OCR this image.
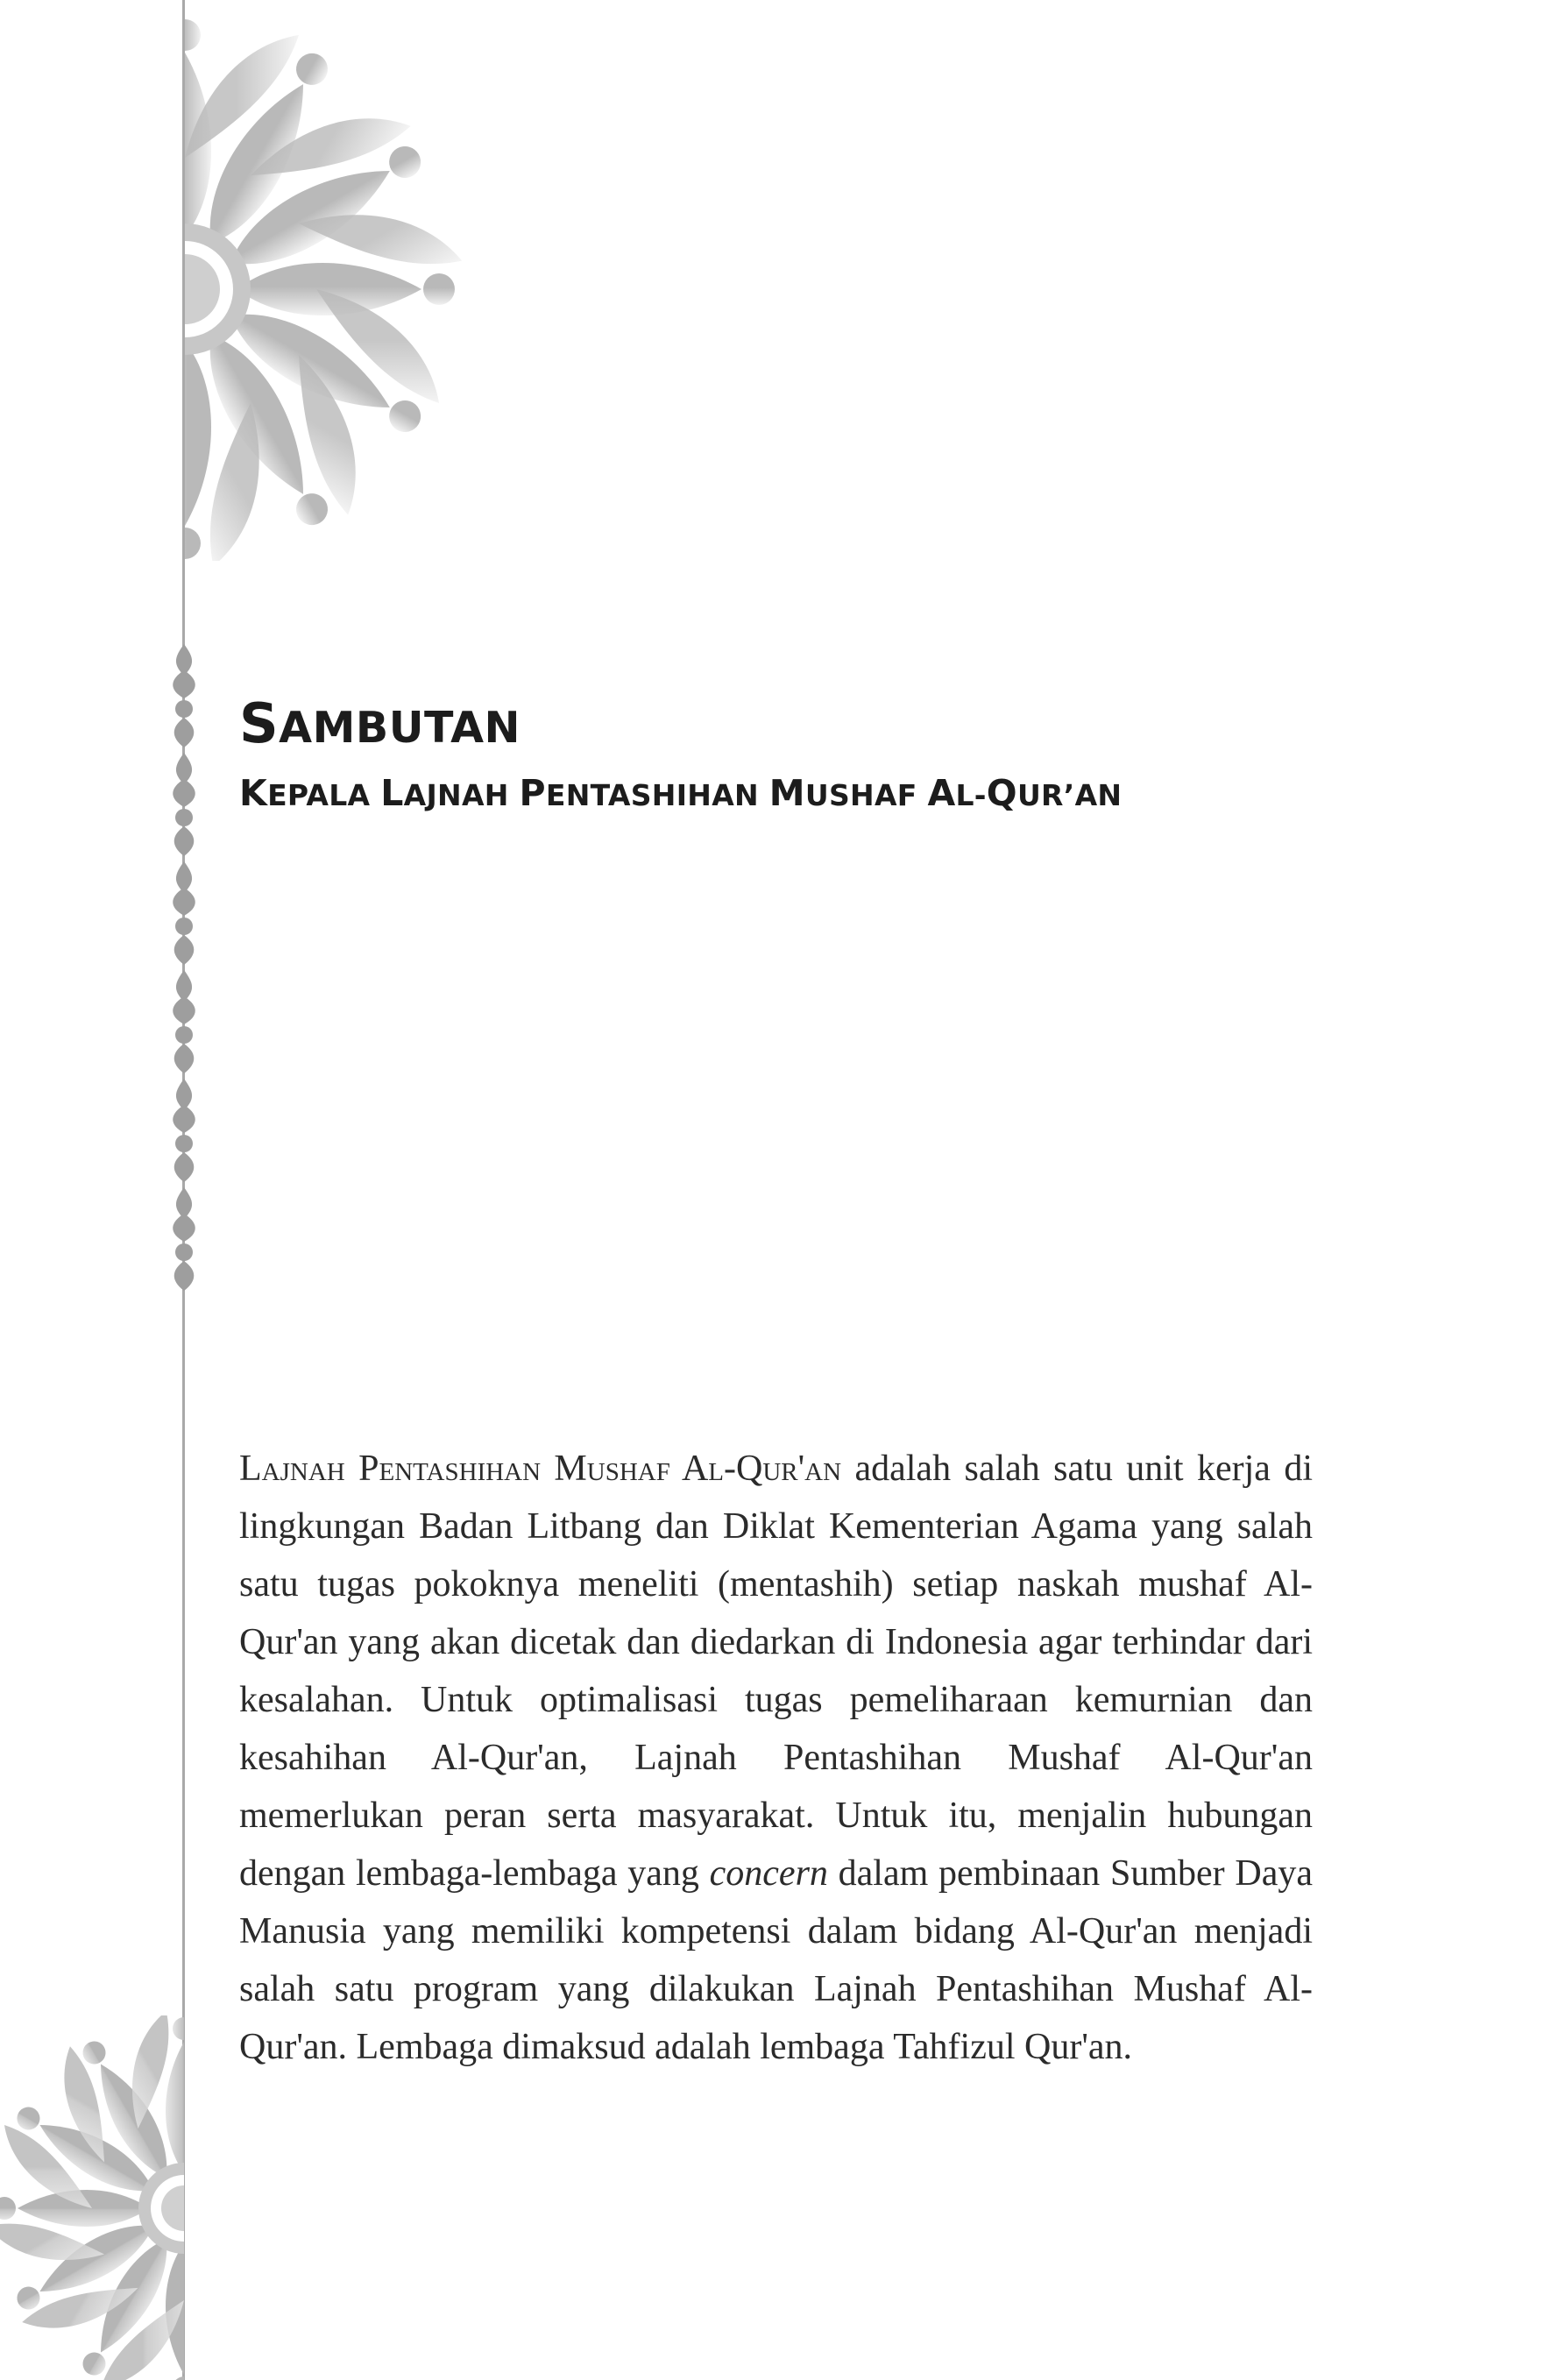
SAMBUTAN
KEPALA LAJNAH PENTASHIHAN MUSHAF AL-QUR’AN

Lajnah Pentashihan Mushaf Al-Qur'an adalah salah satu unit kerja di lingkungan Badan Litbang dan Diklat Kementerian Agama yang salah satu tugas pokoknya meneliti (mentashih) setiap naskah mushaf Al-Qur'an yang akan dicetak dan diedarkan di Indonesia agar terhindar dari kesalahan. Untuk optimalisasi tugas pemeliharaan kemurnian dan kesahihan Al-Qur'an, Lajnah Pentashihan Mushaf Al-Qur'an memerlukan peran serta masyarakat. Untuk itu, menjalin hubungan dengan lembaga-lembaga yang concern dalam pembinaan Sumber Daya Manusia yang memiliki kompetensi dalam bidang Al-Qur'an menjadi salah satu program yang dilakukan Lajnah Pentashihan Mushaf Al-Qur'an. Lembaga dimaksud adalah lembaga Tahfizul Qur'an.
